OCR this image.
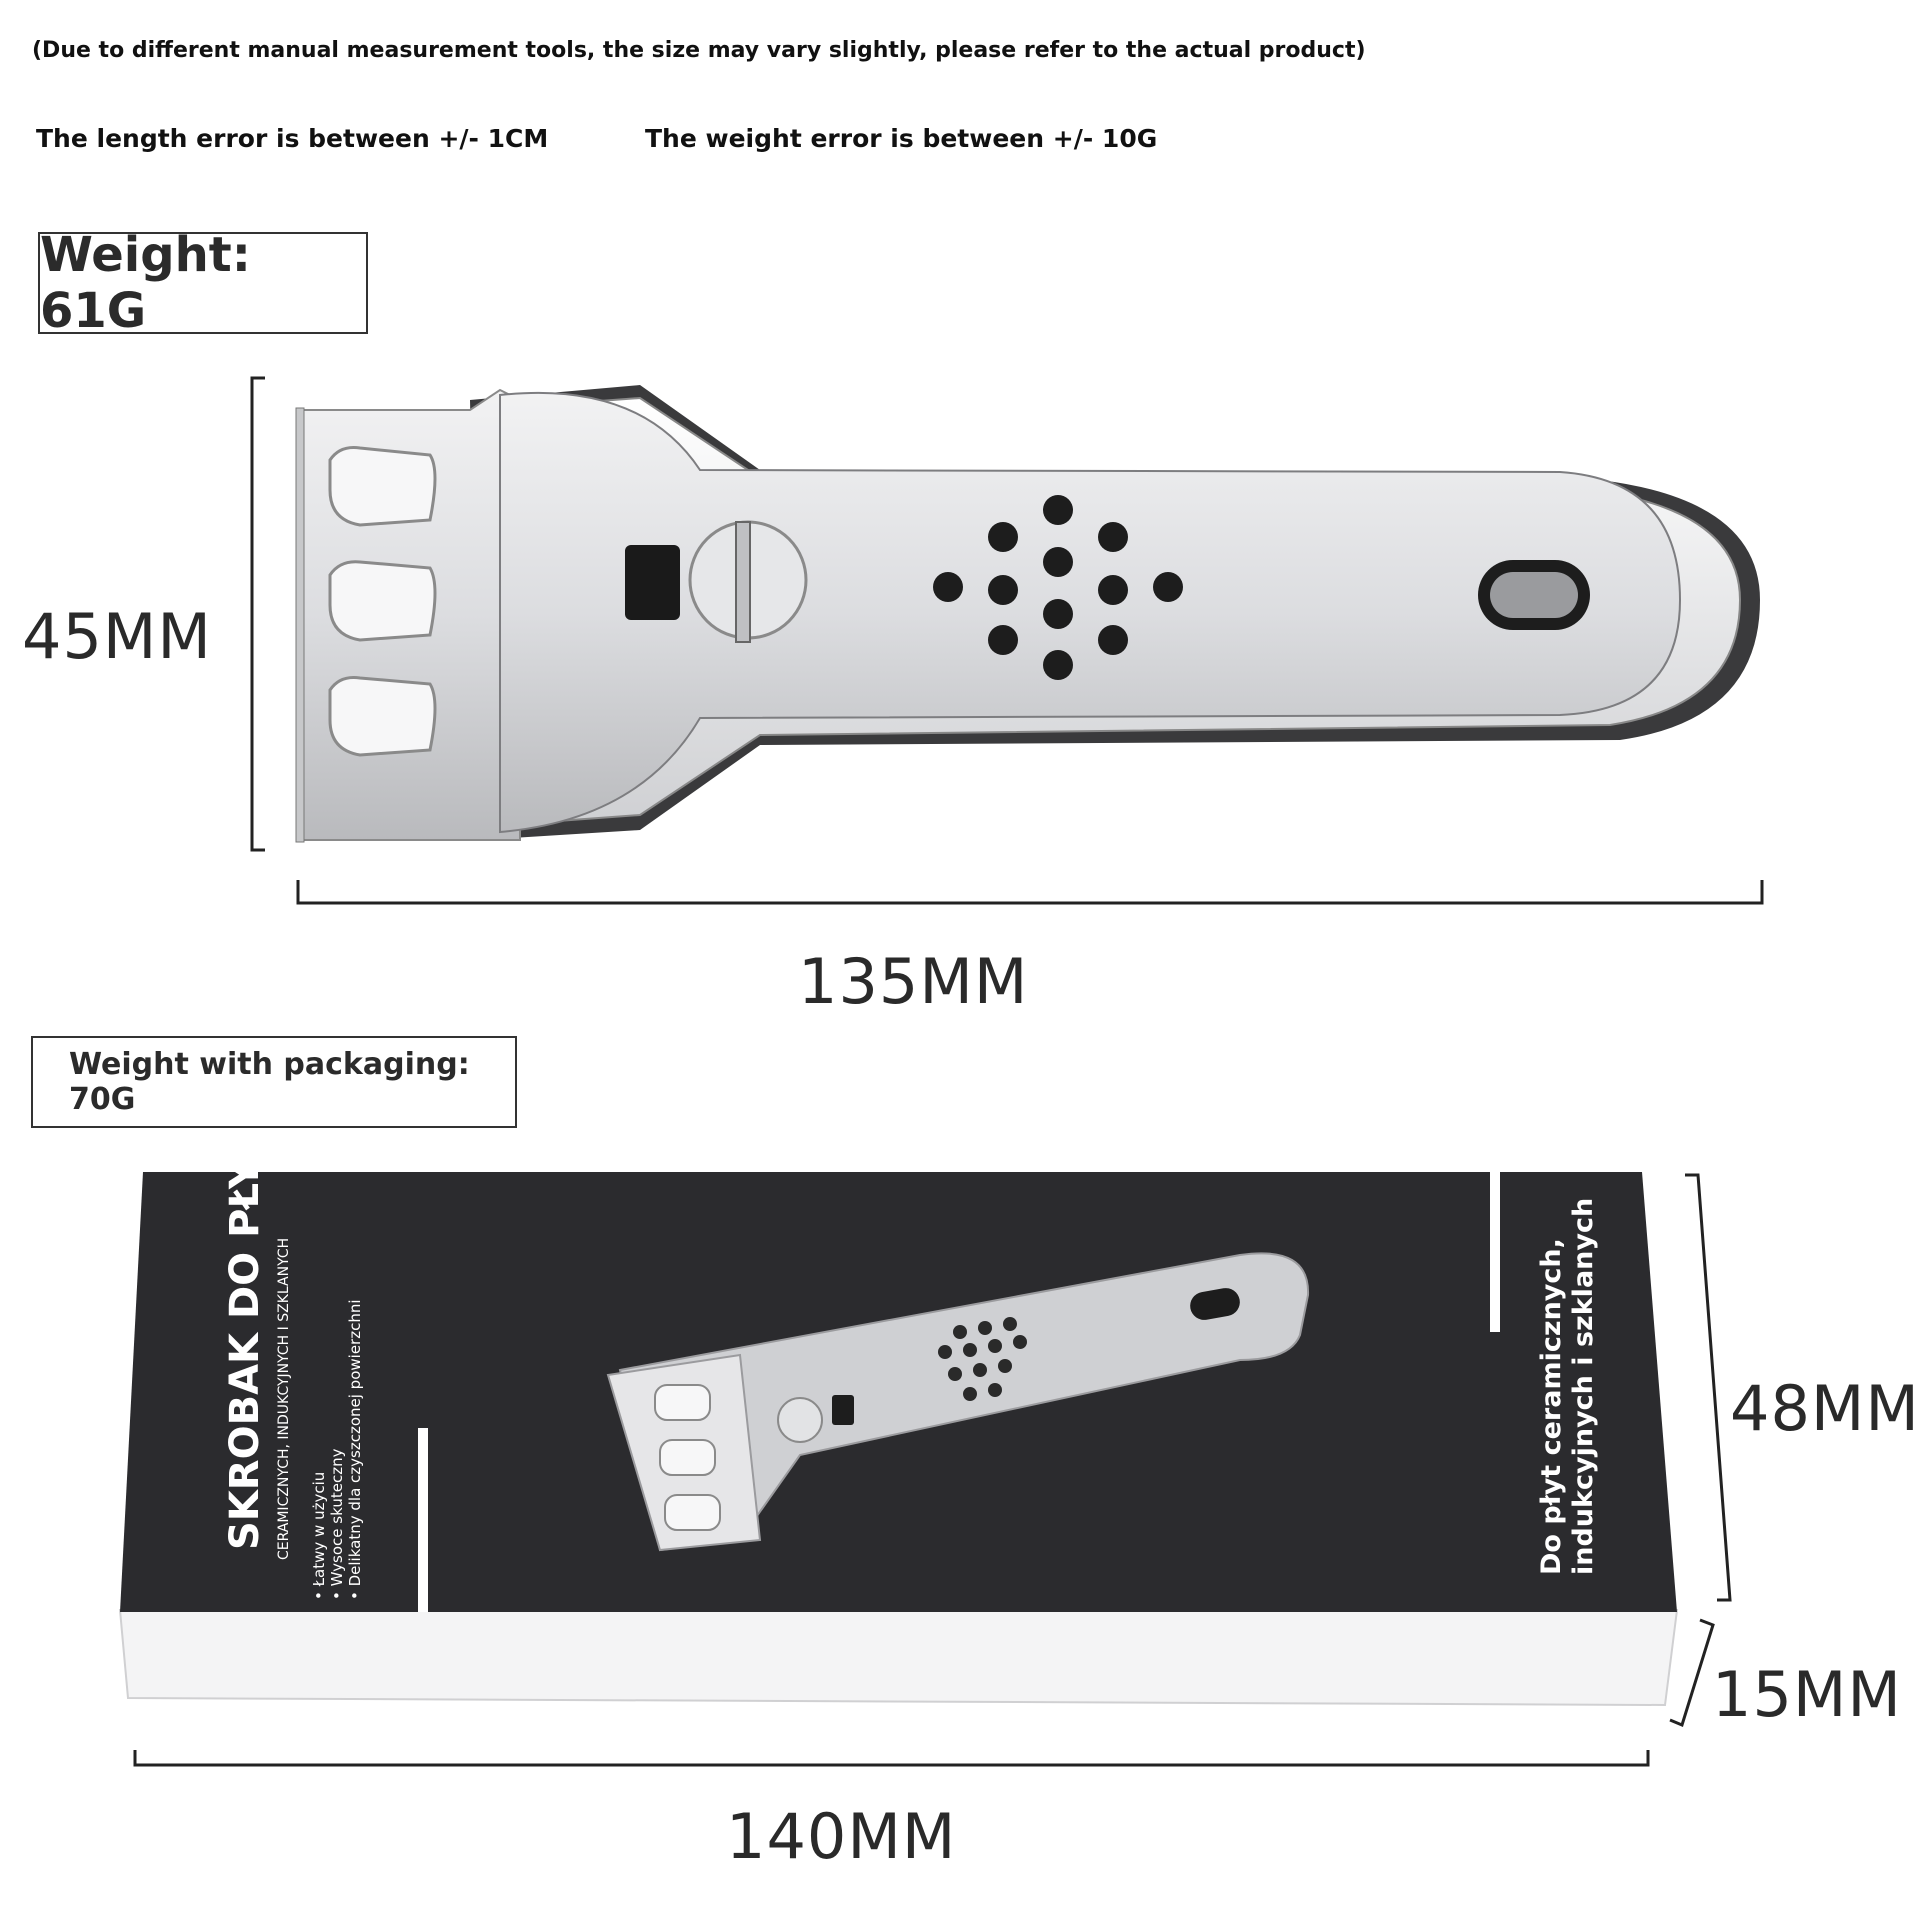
(Due to different manual measurement tools, the size may vary slightly, please refer to the actual product)
The length error is between +/- 1CM	The weight error is between +/- 10G
Weight: 61G
45MM
135MM
Weight with packaging: 70G
SKROBAK DO PŁYT CERAMICZNYCH, INDUKCYJNYCH I SZKLANYCH • Łatwy w użyciu • Wysoce skuteczny • Delikatny dla czyszczonej powierzchni	Do płyt ceramicznych, indukcyjnych i szklanych 48MM
15MM
140MM
